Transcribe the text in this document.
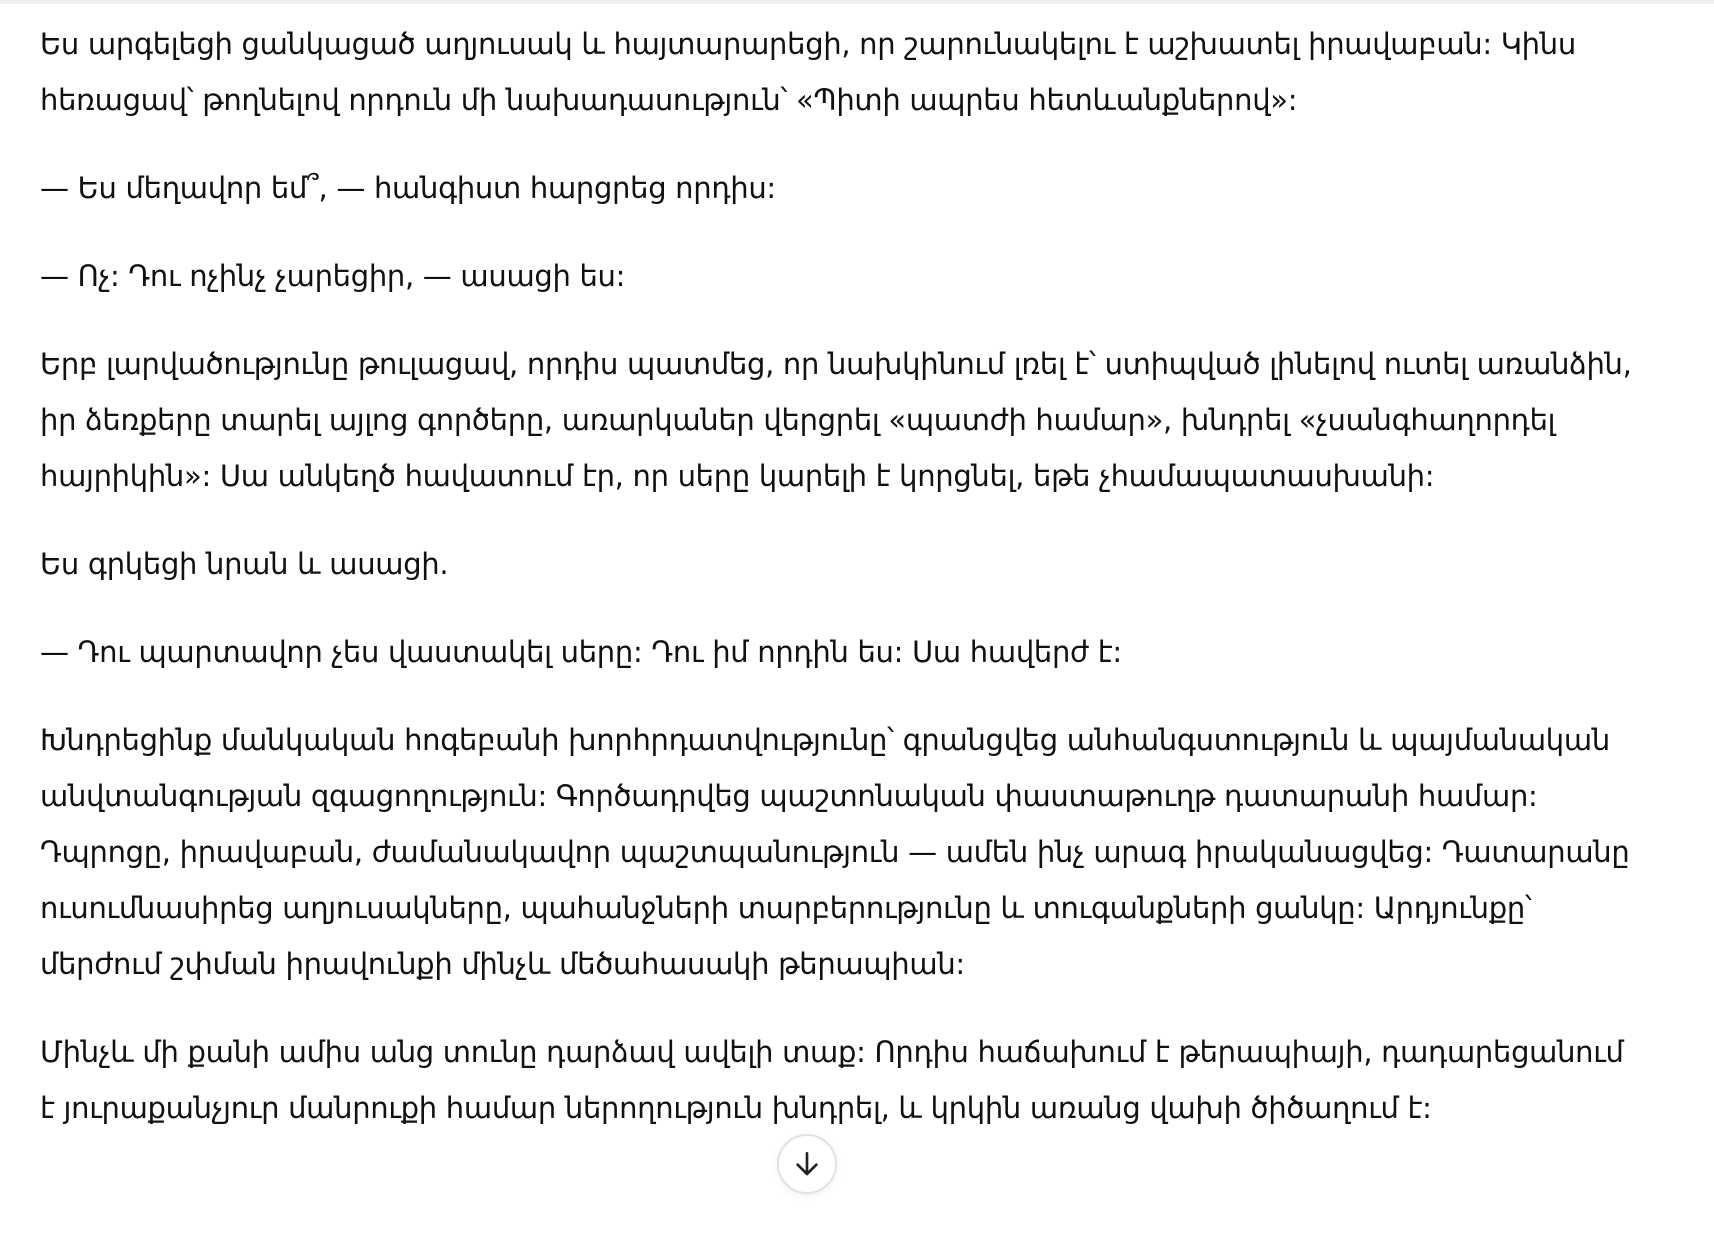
Ես արգելեցի ցանկացած աղյուսակ և հայտարարեցի, որ շարունակելու է աշխատել իրավաբան: Կինս հեռացավ՝ թողնելով որդուն մի նախադասություն՝ «Պիտի ապրես հետևանքներով»:

— Ես մեղավոր եմ՞, — հանգիստ հարցրեց որդիս:

— Ոչ: Դու ոչինչ չարեցիր, — ասացի ես:

Երբ լարվածությունը թուլացավ, որդիս պատմեց, որ նախկինում լռել է՝ ստիպված լինելով ուտել առանձին, իր ձեռքերը տարել այլոց գործերը, առարկաներ վերցրել «պատժի համար», խնդրել «չսանգհաղորդել հայրիկին»: Սա անկեղծ հավատում էր, որ սերը կարելի է կորցնել, եթե չհամապատասխանի:

Ես գրկեցի նրան և ասացի.

— Դու պարտավոր չես վաստակել սերը: Դու իմ որդին ես: Սա հավերժ է:

Խնդրեցինք մանկական հոգեբանի խորհրդատվությունը՝ գրանցվեց անհանգստություն և պայմանական անվտանգության զգացողություն: Գործադրվեց պաշտոնական փաստաթուղթ դատարանի համար: Դպրոցը, իրավաբան, ժամանակավոր պաշտպանություն — ամեն ինչ արագ իրականացվեց: Դատարանը ուսումնասիրեց աղյուսակները, պահանջների տարբերությունը և տուգանքների ցանկը: Արդյունքը՝ մերժում շփման իրավունքի մինչև մեծահասակի թերապիան:

Մինչև մի քանի ամիս անց տունը դարձավ ավելի տաք: Որդիս հաճախում է թերապիայի, դադարեցանում է յուրաքանչյուր մանրուքի համար ներողություն խնդրել, և կրկին առանց վախի ծիծաղում է:
